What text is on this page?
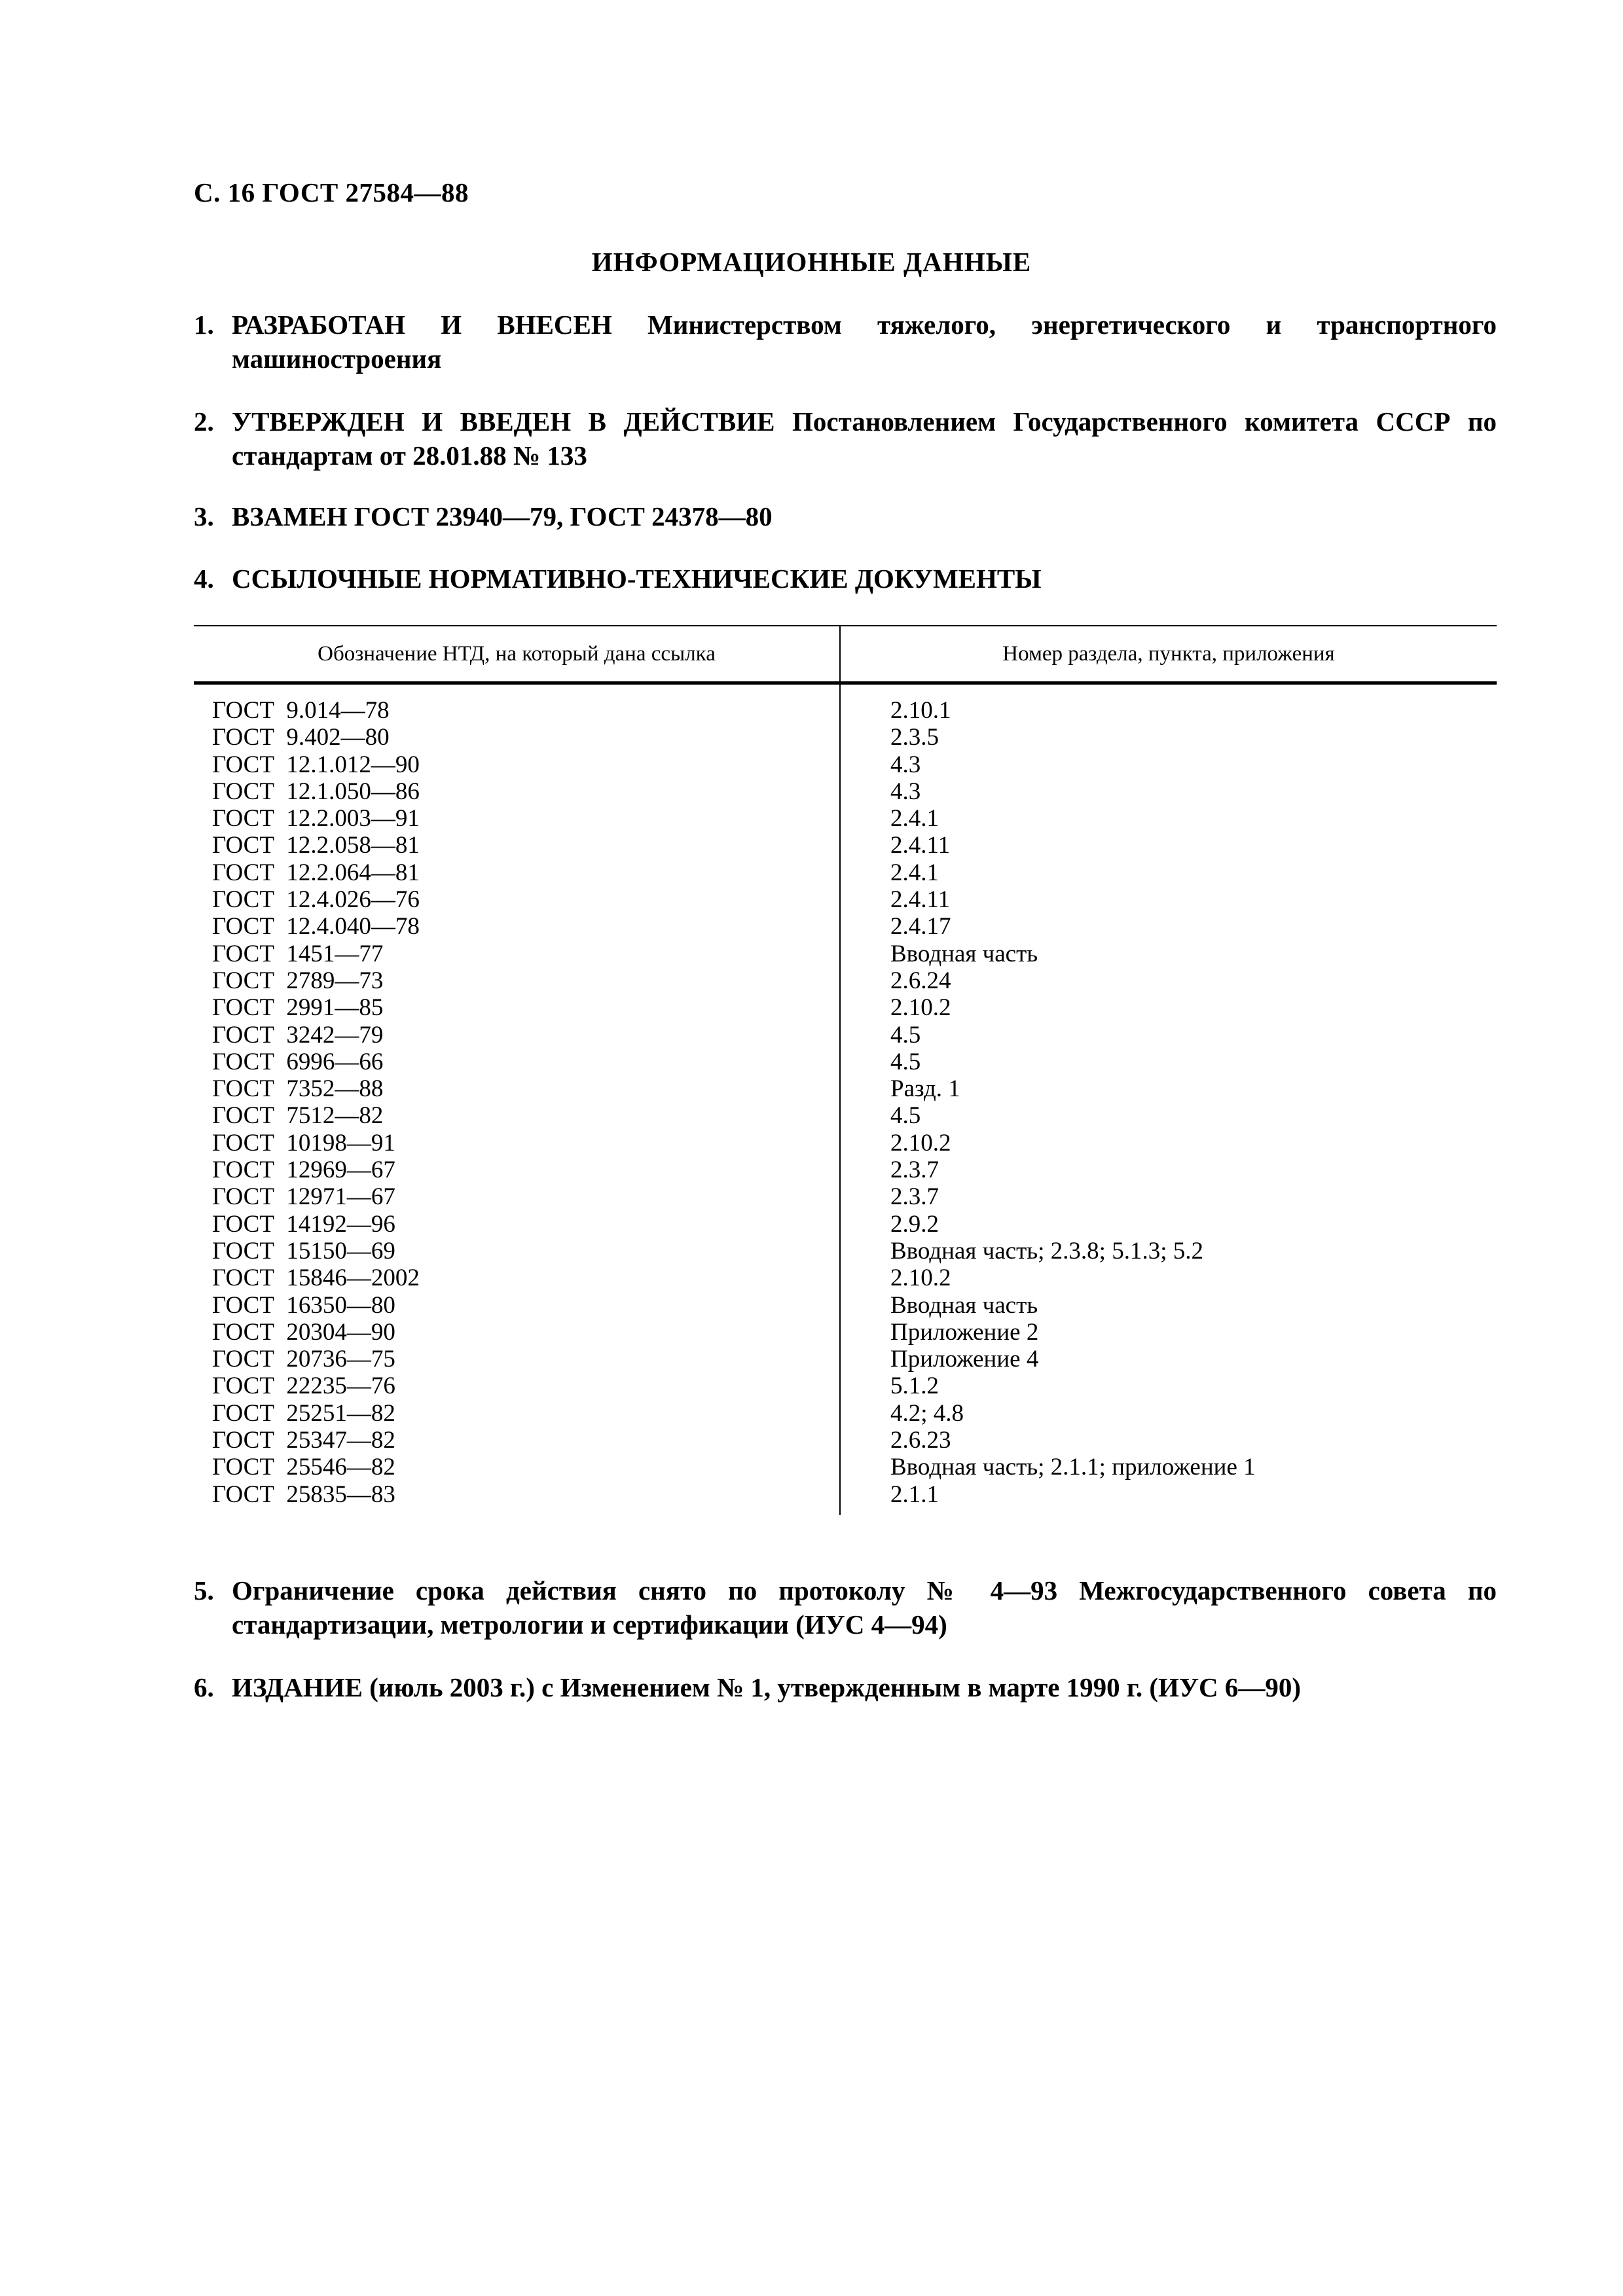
С. 16 ГОСТ 27584—88
ИНФОРМАЦИОННЫЕ ДАННЫЕ
1. РАЗРАБОТАН И ВНЕСЕН Министерством тяжелого, энергетического и транспортного машиностроения
2. УТВЕРЖДЕН И ВВЕДЕН В ДЕЙСТВИЕ Постановлением Государственного комитета СССР по стандартам от 28.01.88 № 133
3. ВЗАМЕН ГОСТ 23940—79, ГОСТ 24378—80
4. ССЫЛОЧНЫЕ НОРМАТИВНО-ТЕХНИЧЕСКИЕ ДОКУМЕНТЫ
Обозначение НТД, на который дана ссылка	Номер раздела, пункта, приложения
ГОСТ  9.014—78	2.10.1
ГОСТ  9.402—80	2.3.5
ГОСТ  12.1.012—90	4.3
ГОСТ  12.1.050—86	4.3
ГОСТ  12.2.003—91	2.4.1
ГОСТ  12.2.058—81	2.4.11
ГОСТ  12.2.064—81	2.4.1
ГОСТ  12.4.026—76	2.4.11
ГОСТ  12.4.040—78	2.4.17
ГОСТ  1451—77	Вводная часть
ГОСТ  2789—73	2.6.24
ГОСТ  2991—85	2.10.2
ГОСТ  3242—79	4.5
ГОСТ  6996—66	4.5
ГОСТ  7352—88	Разд. 1
ГОСТ  7512—82	4.5
ГОСТ  10198—91	2.10.2
ГОСТ  12969—67	2.3.7
ГОСТ  12971—67	2.3.7
ГОСТ  14192—96	2.9.2
ГОСТ  15150—69	Вводная часть; 2.3.8; 5.1.3; 5.2
ГОСТ  15846—2002	2.10.2
ГОСТ  16350—80	Вводная часть
ГОСТ  20304—90	Приложение 2
ГОСТ  20736—75	Приложение 4
ГОСТ  22235—76	5.1.2
ГОСТ  25251—82	4.2; 4.8
ГОСТ  25347—82	2.6.23
ГОСТ  25546—82	Вводная часть; 2.1.1; приложение 1
ГОСТ  25835—83	2.1.1
5. Ограничение срока действия снято по протоколу № 4—93 Межгосударственного совета по стандартизации, метрологии и сертификации (ИУС 4—94)
6. ИЗДАНИЕ (июль 2003 г.) с Изменением № 1, утвержденным в марте 1990 г. (ИУС 6—90)
